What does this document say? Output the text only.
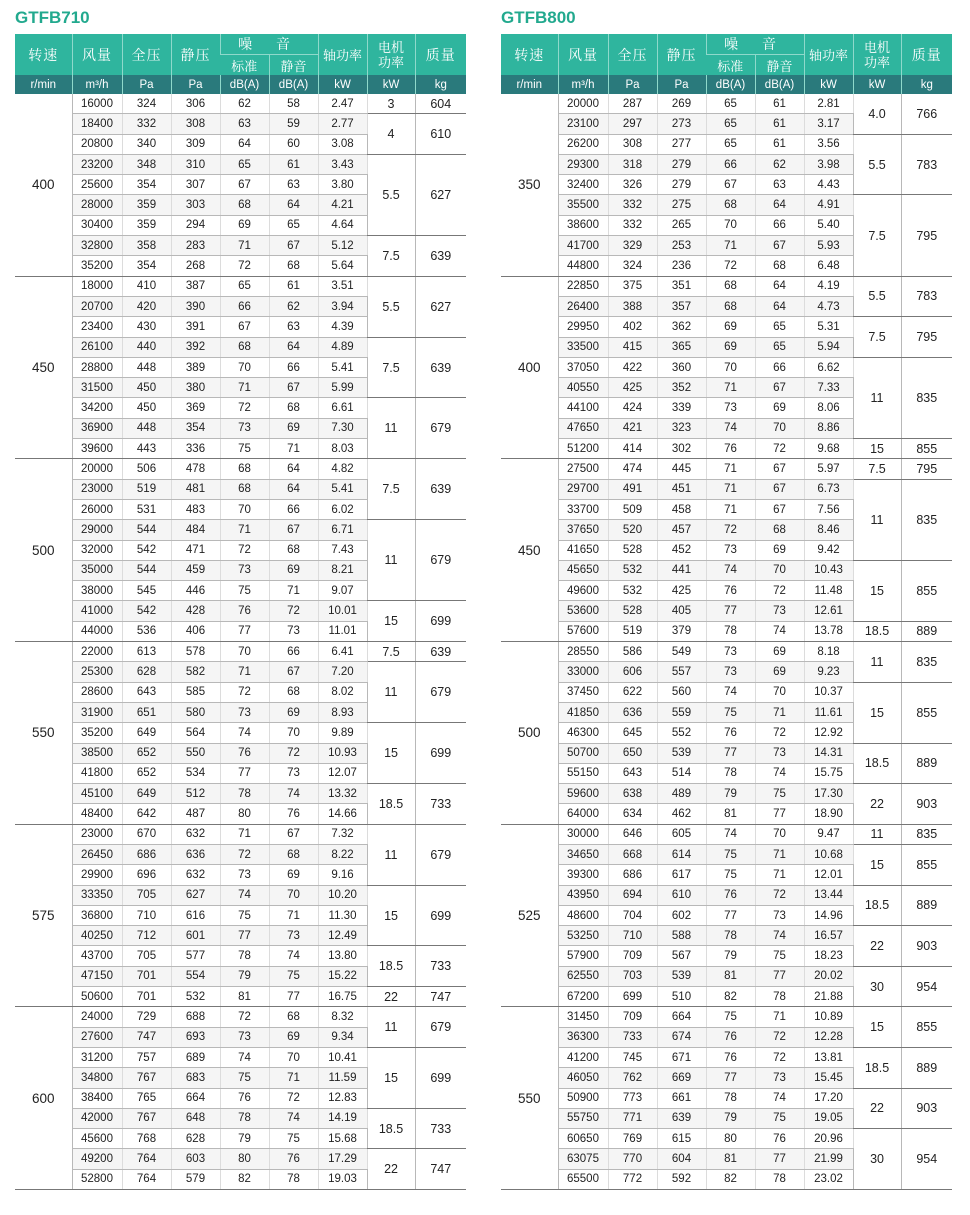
GTFB710
转速	风量	全压	静压	噪 音		轴功率	电机
功率	质量
				标准	静音			
r/min	m³/h	Pa	Pa	dB(A)	dB(A)	kW	kW	kg
400	16000	324	306	62	58	2.47	3	604
	18400	332	308	63	59	2.77	4	610
	20800	340	309	64	60	3.08		
	23200	348	310	65	61	3.43	5.5	627
	25600	354	307	67	63	3.80		
	28000	359	303	68	64	4.21		
	30400	359	294	69	65	4.64		
	32800	358	283	71	67	5.12	7.5	639
	35200	354	268	72	68	5.64		
450	18000	410	387	65	61	3.51	5.5	627
	20700	420	390	66	62	3.94		
	23400	430	391	67	63	4.39		
	26100	440	392	68	64	4.89	7.5	639
	28800	448	389	70	66	5.41		
	31500	450	380	71	67	5.99		
	34200	450	369	72	68	6.61	11	679
	36900	448	354	73	69	7.30		
	39600	443	336	75	71	8.03		
500	20000	506	478	68	64	4.82	7.5	639
	23000	519	481	68	64	5.41		
	26000	531	483	70	66	6.02		
	29000	544	484	71	67	6.71	11	679
	32000	542	471	72	68	7.43		
	35000	544	459	73	69	8.21		
	38000	545	446	75	71	9.07		
	41000	542	428	76	72	10.01	15	699
	44000	536	406	77	73	11.01		
550	22000	613	578	70	66	6.41	7.5	639
	25300	628	582	71	67	7.20	11	679
	28600	643	585	72	68	8.02		
	31900	651	580	73	69	8.93		
	35200	649	564	74	70	9.89	15	699
	38500	652	550	76	72	10.93		
	41800	652	534	77	73	12.07		
	45100	649	512	78	74	13.32	18.5	733
	48400	642	487	80	76	14.66		
575	23000	670	632	71	67	7.32	11	679
	26450	686	636	72	68	8.22		
	29900	696	632	73	69	9.16		
	33350	705	627	74	70	10.20	15	699
	36800	710	616	75	71	11.30		
	40250	712	601	77	73	12.49		
	43700	705	577	78	74	13.80	18.5	733
	47150	701	554	79	75	15.22		
	50600	701	532	81	77	16.75	22	747
600	24000	729	688	72	68	8.32	11	679
	27600	747	693	73	69	9.34		
	31200	757	689	74	70	10.41	15	699
	34800	767	683	75	71	11.59		
	38400	765	664	76	72	12.83		
	42000	767	648	78	74	14.19	18.5	733
	45600	768	628	79	75	15.68		
	49200	764	603	80	76	17.29	22	747
	52800	764	579	82	78	19.03		
GTFB800
转速	风量	全压	静压	噪 音		轴功率	电机
功率	质量
				标准	静音			
r/min	m³/h	Pa	Pa	dB(A)	dB(A)	kW	kW	kg
350	20000	287	269	65	61	2.81	4.0	766
	23100	297	273	65	61	3.17		
	26200	308	277	65	61	3.56	5.5	783
	29300	318	279	66	62	3.98		
	32400	326	279	67	63	4.43		
	35500	332	275	68	64	4.91	7.5	795
	38600	332	265	70	66	5.40		
	41700	329	253	71	67	5.93		
	44800	324	236	72	68	6.48		
400	22850	375	351	68	64	4.19	5.5	783
	26400	388	357	68	64	4.73		
	29950	402	362	69	65	5.31	7.5	795
	33500	415	365	69	65	5.94		
	37050	422	360	70	66	6.62	11	835
	40550	425	352	71	67	7.33		
	44100	424	339	73	69	8.06		
	47650	421	323	74	70	8.86		
	51200	414	302	76	72	9.68	15	855
450	27500	474	445	71	67	5.97	7.5	795
	29700	491	451	71	67	6.73	11	835
	33700	509	458	71	67	7.56		
	37650	520	457	72	68	8.46		
	41650	528	452	73	69	9.42		
	45650	532	441	74	70	10.43	15	855
	49600	532	425	76	72	11.48		
	53600	528	405	77	73	12.61		
	57600	519	379	78	74	13.78	18.5	889
500	28550	586	549	73	69	8.18	11	835
	33000	606	557	73	69	9.23		
	37450	622	560	74	70	10.37	15	855
	41850	636	559	75	71	11.61		
	46300	645	552	76	72	12.92		
	50700	650	539	77	73	14.31	18.5	889
	55150	643	514	78	74	15.75		
	59600	638	489	79	75	17.30	22	903
	64000	634	462	81	77	18.90		
525	30000	646	605	74	70	9.47	11	835
	34650	668	614	75	71	10.68	15	855
	39300	686	617	75	71	12.01		
	43950	694	610	76	72	13.44	18.5	889
	48600	704	602	77	73	14.96		
	53250	710	588	78	74	16.57	22	903
	57900	709	567	79	75	18.23		
	62550	703	539	81	77	20.02	30	954
	67200	699	510	82	78	21.88		
550	31450	709	664	75	71	10.89	15	855
	36300	733	674	76	72	12.28		
	41200	745	671	76	72	13.81	18.5	889
	46050	762	669	77	73	15.45		
	50900	773	661	78	74	17.20	22	903
	55750	771	639	79	75	19.05		
	60650	769	615	80	76	20.96	30	954
	63075	770	604	81	77	21.99		
	65500	772	592	82	78	23.02		
